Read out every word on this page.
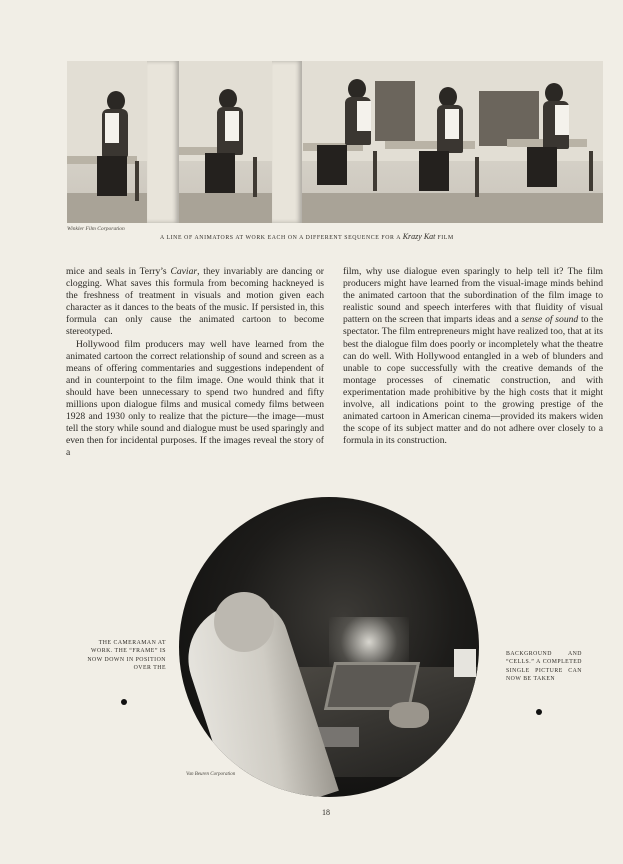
Winkler Film Corporation
A LINE OF ANIMATORS AT WORK EACH ON A DIFFERENT SEQUENCE FOR A Krazy Kat FILM

mice and seals in Terry’s Caviar, they invariably are dancing or clogging. What saves this formula from becoming hackneyed is the freshness of treatment in visuals and motion given each character as it dances to the beats of the music. If persisted in, this formula can only cause the animated cartoon to become stereotyped.

Hollywood film producers may well have learned from the animated cartoon the correct relationship of sound and screen as a means of offering commentaries and suggestions independent of and in counterpoint to the film image. One would think that it should have been unnecessary to spend two hundred and fifty millions upon dialogue films and musical comedy films between 1928 and 1930 only to realize that the picture—the image—must tell the story while sound and dialogue must be used sparingly and even then for incidental purposes. If the images reveal the story of a

film, why use dialogue even sparingly to help tell it? The film producers might have learned from the visual-image minds behind the animated cartoon that the subordination of the film image to realistic sound and speech interferes with that fluidity of visual pattern on the screen that imparts ideas and a sense of sound to the spectator. The film entrepreneurs might have realized too, that at its best the dialogue film does poorly or incompletely what the theatre can do well. With Hollywood entangled in a web of blunders and unable to cope successfully with the creative demands of the montage processes of cinematic construction, and with experimentation made prohibitive by the high costs that it might involve, all indications point to the growing prestige of the animated cartoon in American cinema—provided its makers widen the scope of its subject matter and do not adhere over closely to a formula in its construction.

Van Beuren Corporation
THE CAMERAMAN AT WORK. THE “FRAME” IS NOW DOWN IN POSITION OVER THE
BACKGROUND AND “CELLS.” A COMPLETED SINGLE PICTURE CAN NOW BE TAKEN
18
